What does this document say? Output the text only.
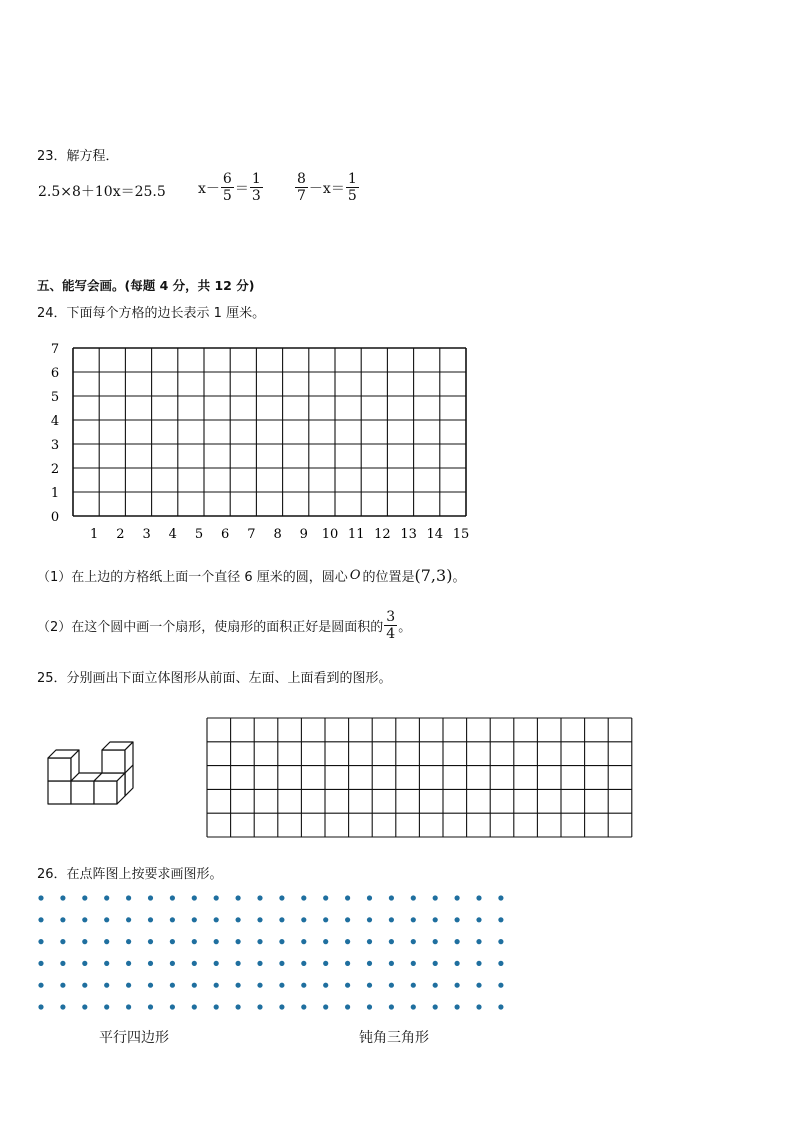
23．解方程．
2.5×8＋10x＝25.5 $x- \frac{6}{5} = \frac{1}{3} \frac{8}{7} -x= \frac{1}{5}$
五、能写会画。(每题 4 分，共 12 分)
24．下面每个方格的边长表示 1 厘米。
0
1
2
3
4
5
6
7
1 2 3 4 5 6 7 8 9 10 11 12 13 14 15
（1）在上边的方格纸上面一个直径 6 厘米的圆，圆心 O 的位置是 (7,3) 。
（2）在这个圆中画一个扇形，使扇形的面积正好是圆面积的 $\frac{3}{4}$ 。
25．分别画出下面立体图形从前面、左面、上面看到的图形。
26．在点阵图上按要求画图形。
平行四边形	钝角三角形
